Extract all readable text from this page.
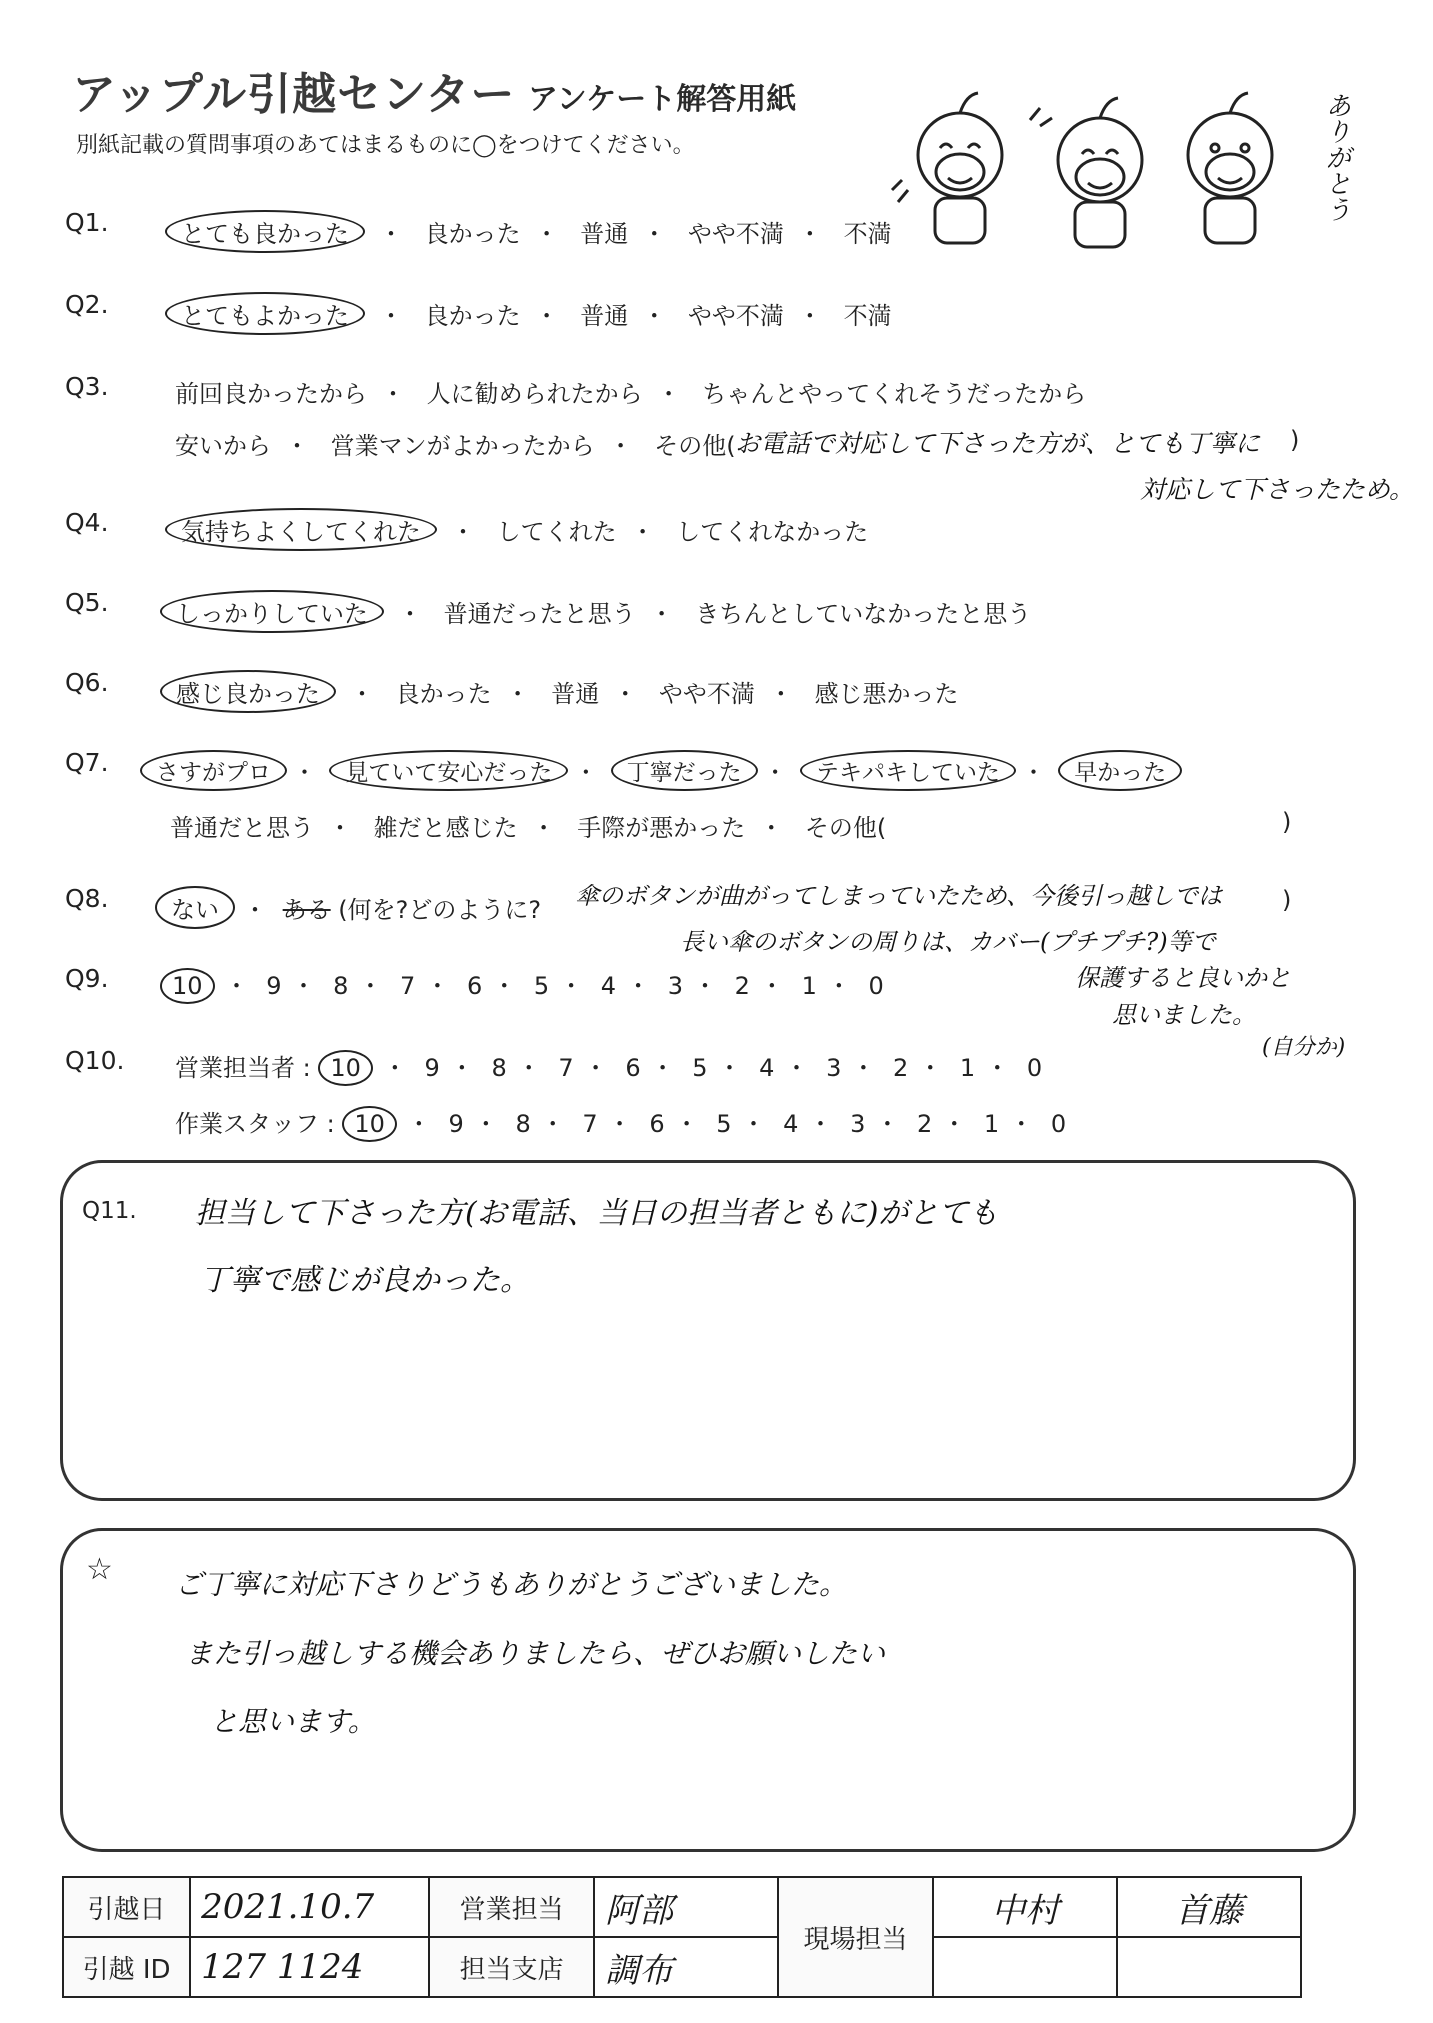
アップル引越センター アンケート解答用紙
別紙記載の質問事項のあてはまるものに◯をつけてください。	ありがとう
Q1.	とても良かった ・ 良かった ・ 普通 ・ やや不満 ・ 不満
Q2.	とてもよかった ・ 良かった ・ 普通 ・ やや不満 ・ 不満
Q3.	前回良かったから ・ 人に勧められたから ・ ちゃんとやってくれそうだったから
安いから ・ 営業マンがよかったから ・ その他( お電話で対応して下さった方が、とても丁寧に )
対応して下さったため。
Q4.	気持ちよくしてくれた ・ してくれた ・ してくれなかった
Q5.	しっかりしていた ・ 普通だったと思う ・ きちんとしていなかったと思う
Q6.	感じ良かった ・ 良かった ・ 普通 ・ やや不満 ・ 感じ悪かった
Q7.	さすがプロ ・ 見ていて安心だった ・ 丁寧だった ・ テキパキしていた ・ 早かった
普通だと思う ・ 雑だと感じた ・ 手際が悪かった ・ その他(	)
Q8.	ない ・ ある (何を?どのように? 傘のボタンが曲がってしまっていたため、今後引っ越しでは )
長い傘のボタンの周りは、カバー(プチプチ?)等で
保護すると良いかと
思いました。
(自分か)
Q9.	10 ・ 9 ・ 8 ・ 7 ・ 6 ・ 5 ・ 4 ・ 3 ・ 2 ・ 1 ・ 0
Q10. 営業担当者 : 10 ・ 9 ・ 8 ・ 7 ・ 6 ・ 5 ・ 4 ・ 3 ・ 2 ・ 1 ・ 0
作業スタッフ : 10 ・ 9 ・ 8 ・ 7 ・ 6 ・ 5 ・ 4 ・ 3 ・ 2 ・ 1 ・ 0
Q11. 担当して下さった方(お電話、当日の担当者ともに)がとても
丁寧で感じが良かった。
☆ ご丁寧に対応下さりどうもありがとうございました。
また引っ越しする機会ありましたら、ぜひお願いしたい
と思います。
引越日	2021.10.7	営業担当	阿部	現場担当	中村	首藤
引越 ID	127 1124	担当支店	調布			
